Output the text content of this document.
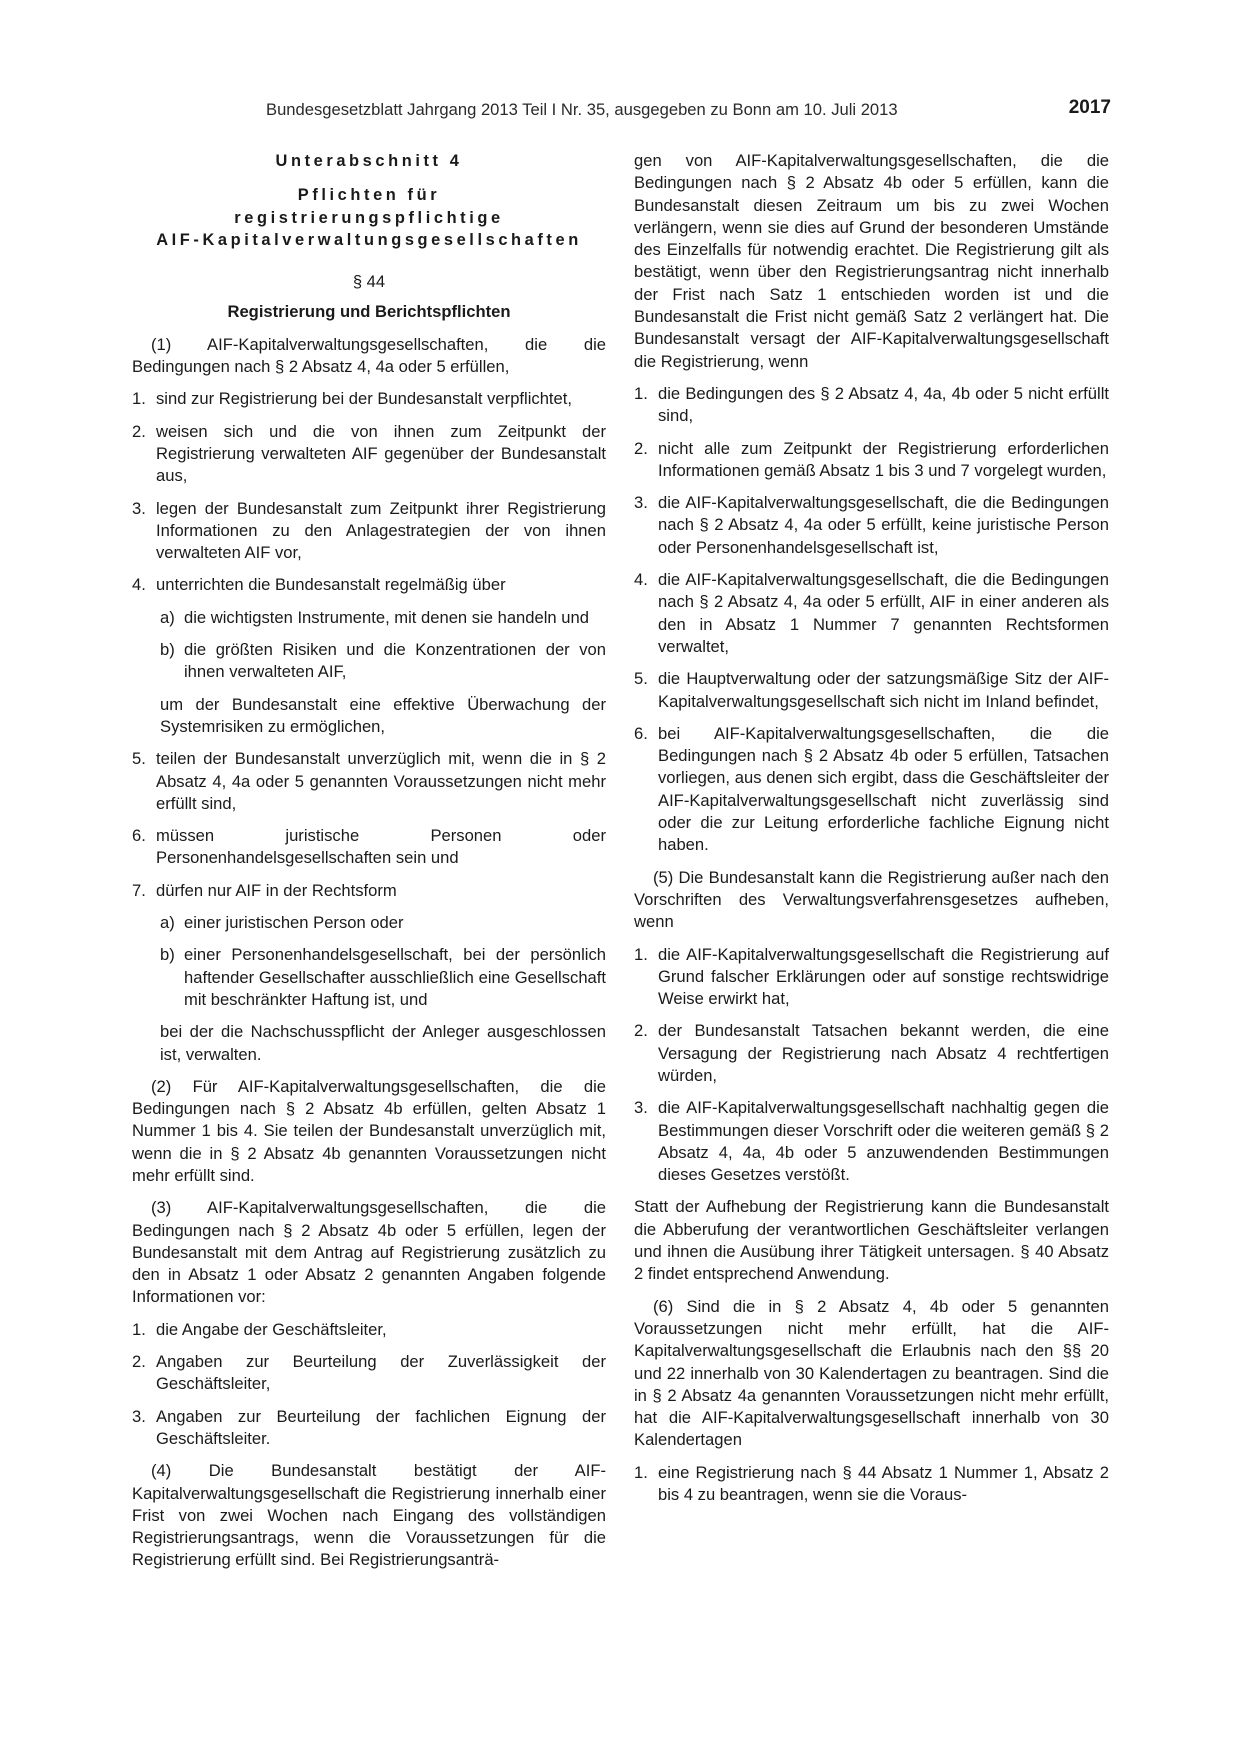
Bundesgesetzblatt Jahrgang 2013 Teil I Nr. 35, ausgegeben zu Bonn am 10. Juli 2013	2017

Unterabschnitt 4

Pflichten für

registrierungspflichtige

AIF-Kapitalverwaltungsgesellschaften

§ 44

Registrierung und Berichtspflichten

(1) AIF-Kapitalverwaltungsgesellschaften, die die Bedingungen nach § 2 Absatz 4, 4a oder 5 erfüllen,

1. sind zur Registrierung bei der Bundesanstalt verpflichtet,
2. weisen sich und die von ihnen zum Zeitpunkt der Registrierung verwalteten AIF gegenüber der Bundesanstalt aus,
3. legen der Bundesanstalt zum Zeitpunkt ihrer Registrierung Informationen zu den Anlagestrategien der von ihnen verwalteten AIF vor,
4. unterrichten die Bundesanstalt regelmäßig über
a) die wichtigsten Instrumente, mit denen sie handeln und
b) die größten Risiken und die Konzentrationen der von ihnen verwalteten AIF,

um der Bundesanstalt eine effektive Überwachung der Systemrisiken zu ermöglichen,

5. teilen der Bundesanstalt unverzüglich mit, wenn die in § 2 Absatz 4, 4a oder 5 genannten Voraussetzungen nicht mehr erfüllt sind,
6. müssen juristische Personen oder Personenhandelsgesellschaften sein und
7. dürfen nur AIF in der Rechtsform
a) einer juristischen Person oder
b) einer Personenhandelsgesellschaft, bei der persönlich haftender Gesellschafter ausschließlich eine Gesellschaft mit beschränkter Haftung ist, und

bei der die Nachschusspflicht der Anleger ausgeschlossen ist, verwalten.

(2) Für AIF-Kapitalverwaltungsgesellschaften, die die Bedingungen nach § 2 Absatz 4b erfüllen, gelten Absatz 1 Nummer 1 bis 4. Sie teilen der Bundesanstalt unverzüglich mit, wenn die in § 2 Absatz 4b genannten Voraussetzungen nicht mehr erfüllt sind.

(3) AIF-Kapitalverwaltungsgesellschaften, die die Bedingungen nach § 2 Absatz 4b oder 5 erfüllen, legen der Bundesanstalt mit dem Antrag auf Registrierung zusätzlich zu den in Absatz 1 oder Absatz 2 genannten Angaben folgende Informationen vor:

1. die Angabe der Geschäftsleiter,
2. Angaben zur Beurteilung der Zuverlässigkeit der Geschäftsleiter,
3. Angaben zur Beurteilung der fachlichen Eignung der Geschäftsleiter.

(4) Die Bundesanstalt bestätigt der AIF-Kapitalverwaltungsgesellschaft die Registrierung innerhalb einer Frist von zwei Wochen nach Eingang des vollständigen Registrierungsantrags, wenn die Voraussetzungen für die Registrierung erfüllt sind. Bei Registrierungsanträ-

gen von AIF-Kapitalverwaltungsgesellschaften, die die Bedingungen nach § 2 Absatz 4b oder 5 erfüllen, kann die Bundesanstalt diesen Zeitraum um bis zu zwei Wochen verlängern, wenn sie dies auf Grund der besonderen Umstände des Einzelfalls für notwendig erachtet. Die Registrierung gilt als bestätigt, wenn über den Registrierungsantrag nicht innerhalb der Frist nach Satz 1 entschieden worden ist und die Bundesanstalt die Frist nicht gemäß Satz 2 verlängert hat. Die Bundesanstalt versagt der AIF-Kapitalverwaltungsgesellschaft die Registrierung, wenn

1. die Bedingungen des § 2 Absatz 4, 4a, 4b oder 5 nicht erfüllt sind,
2. nicht alle zum Zeitpunkt der Registrierung erforderlichen Informationen gemäß Absatz 1 bis 3 und 7 vorgelegt wurden,
3. die AIF-Kapitalverwaltungsgesellschaft, die die Bedingungen nach § 2 Absatz 4, 4a oder 5 erfüllt, keine juristische Person oder Personenhandelsgesellschaft ist,
4. die AIF-Kapitalverwaltungsgesellschaft, die die Bedingungen nach § 2 Absatz 4, 4a oder 5 erfüllt, AIF in einer anderen als den in Absatz 1 Nummer 7 genannten Rechtsformen verwaltet,
5. die Hauptverwaltung oder der satzungsmäßige Sitz der AIF-Kapitalverwaltungsgesellschaft sich nicht im Inland befindet,
6. bei AIF-Kapitalverwaltungsgesellschaften, die die Bedingungen nach § 2 Absatz 4b oder 5 erfüllen, Tatsachen vorliegen, aus denen sich ergibt, dass die Geschäftsleiter der AIF-Kapitalverwaltungsgesellschaft nicht zuverlässig sind oder die zur Leitung erforderliche fachliche Eignung nicht haben.

(5) Die Bundesanstalt kann die Registrierung außer nach den Vorschriften des Verwaltungsverfahrensgesetzes aufheben, wenn

1. die AIF-Kapitalverwaltungsgesellschaft die Registrierung auf Grund falscher Erklärungen oder auf sonstige rechtswidrige Weise erwirkt hat,
2. der Bundesanstalt Tatsachen bekannt werden, die eine Versagung der Registrierung nach Absatz 4 rechtfertigen würden,
3. die AIF-Kapitalverwaltungsgesellschaft nachhaltig gegen die Bestimmungen dieser Vorschrift oder die weiteren gemäß § 2 Absatz 4, 4a, 4b oder 5 anzuwendenden Bestimmungen dieses Gesetzes verstößt.

Statt der Aufhebung der Registrierung kann die Bundesanstalt die Abberufung der verantwortlichen Geschäftsleiter verlangen und ihnen die Ausübung ihrer Tätigkeit untersagen. § 40 Absatz 2 findet entsprechend Anwendung.

(6) Sind die in § 2 Absatz 4, 4b oder 5 genannten Voraussetzungen nicht mehr erfüllt, hat die AIF-Kapitalverwaltungsgesellschaft die Erlaubnis nach den §§ 20 und 22 innerhalb von 30 Kalendertagen zu beantragen. Sind die in § 2 Absatz 4a genannten Voraussetzungen nicht mehr erfüllt, hat die AIF-Kapitalverwaltungsgesellschaft innerhalb von 30 Kalendertagen

1. eine Registrierung nach § 44 Absatz 1 Nummer 1, Absatz 2 bis 4 zu beantragen, wenn sie die Voraus-
